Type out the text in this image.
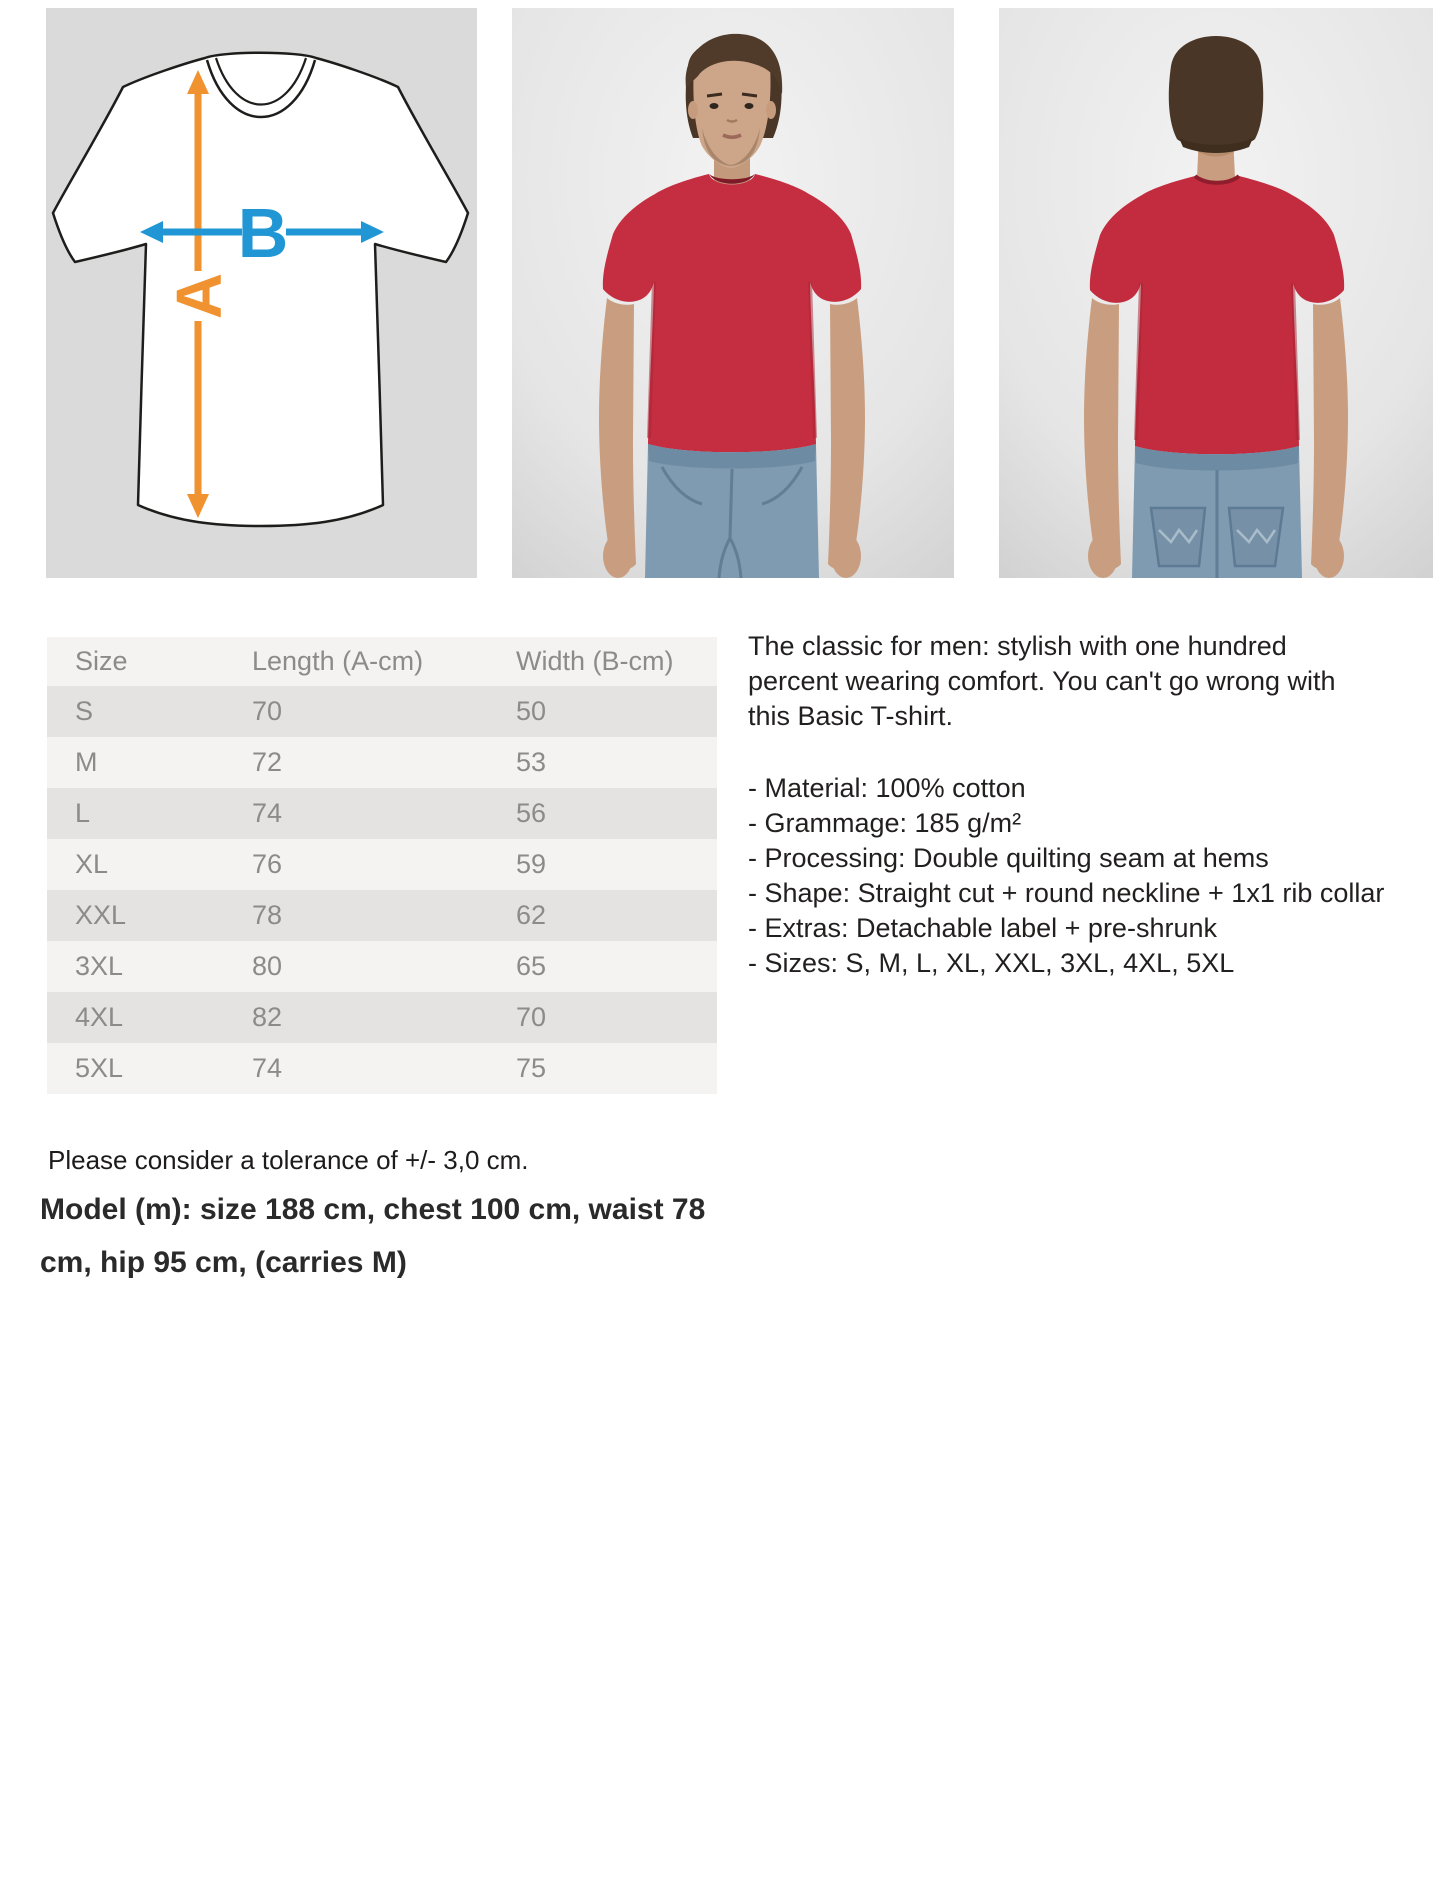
A
B
Size	Length (A-cm)	Width (B-cm)
S	70	50
M	72	53
L	74	56
XL	76	59
XXL	78	62
3XL	80	65
4XL	82	70
5XL	74	75
The classic for men: stylish with one hundred
percent wearing comfort. You can't go wrong with
this Basic T-shirt.
- Material: 100% cotton
- Grammage: 185 g/m²
- Processing: Double quilting seam at hems
- Shape: Straight cut + round neckline + 1x1 rib collar
- Extras: Detachable label + pre-shrunk
- Sizes: S, M, L, XL, XXL, 3XL, 4XL, 5XL
Please consider a tolerance of +/- 3,0 cm.
Model (m): size 188 cm, chest 100 cm, waist 78
cm, hip 95 cm, (carries M)
